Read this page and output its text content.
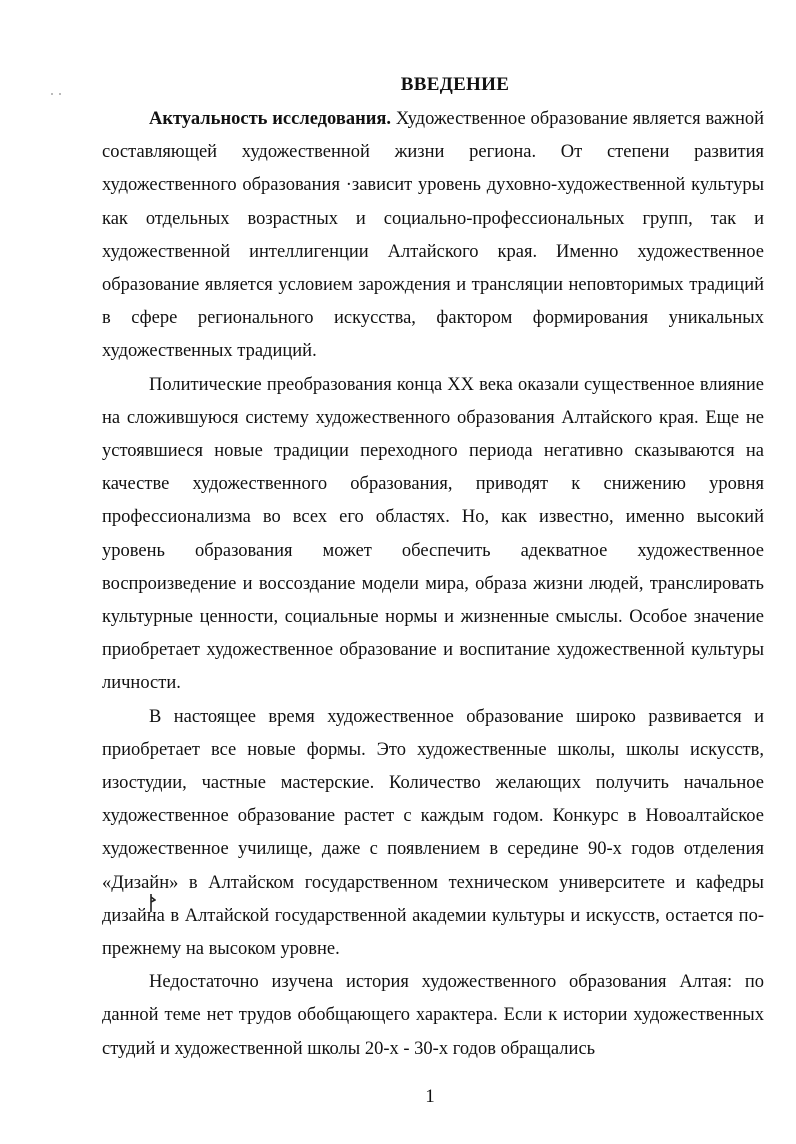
ВВЕДЕНИЕ

Актуальность исследования. Художественное образование является важной составляющей художественной жизни региона. От степени развития художественного образования ·зависит уровень духовно-художественной культуры как отдельных возрастных и социально-профессиональных групп, так и художественной интеллигенции Алтайского края. Именно художественное образование является условием зарождения и трансляции неповторимых традиций в сфере регионального искусства, фактором формирования уникальных художественных традиций.

Политические преобразования конца XX века оказали существенное влияние на сложившуюся систему художественного образования Алтайского края. Еще не устоявшиеся новые традиции переходного периода негативно сказываются на качестве художественного образования, приводят к снижению уровня профессионализма во всех его областях. Но, как известно, именно высокий уровень образования может обеспечить адекватное художественное воспроизведение и воссоздание модели мира, образа жизни людей, транслировать культурные ценности, социальные нормы и жизненные смыслы. Особое значение приобретает художественное образование и воспитание художественной культуры личности.

В настоящее время художественное образование широко развивается и приобретает все новые формы. Это художественные школы, школы искусств, изостудии, частные мастерские. Количество желающих получить начальное художественное образование растет с каждым годом. Конкурс в Новоалтайское художественное училище, даже с появлением в середине 90-х годов отделения «Дизайн» в Алтайском государственном техническом университете и кафедры дизайна в Алтайской государственной академии культуры и искусств, остается по-прежнему на высоком уровне.

Недостаточно изучена история художественного образования Алтая: по данной теме нет трудов обобщающего характера. Если к истории художественных студий и художественной школы 20-х - 30-х годов обращались

1
